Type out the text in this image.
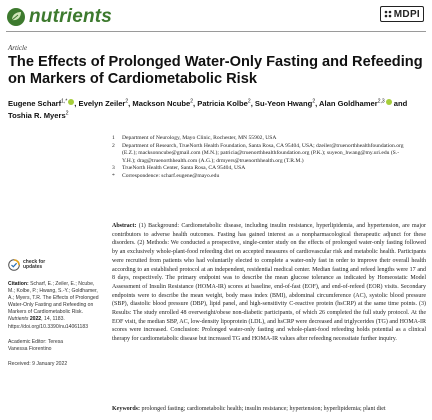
nutrients	MDPI
Article
The Effects of Prolonged Water-Only Fasting and Refeeding on Markers of Cardiometabolic Risk
Eugene Scharf$^{1,*}$ , Evelyn Zeiler$^2$, Mackson Ncube$^2$, Patricia Kolbe$^2$, Su-Yeon Hwang$^2$, Alan Goldhamer$^{2,3}$ and Toshia R. Myers$^2$
1	Department of Neurology, Mayo Clinic, Rochester, MN 55902, USA
2	Department of Research, TrueNorth Health Foundation, Santa Rosa, CA 95404, USA; dzeiler@truenorthhealthfoundation.org (E.Z.); macksonncube@gmail.com (M.N.); patricia@truenorthhealthfoundation.org (P.K.); suyeon_hwang@my.uri.edu (S.-Y.H.); drag@truenorthhealth.com (A.G.); drmyers@truenorthhealth.org (T.R.M.)
3	TrueNorth Health Center, Santa Rosa, CA 95404, USA
*	Correspondence: scharf.eugene@mayo.edu
Abstract: (1) Background: Cardiometabolic disease, including insulin resistance, hyperlipidemia, and hypertension, are major contributors to adverse health outcomes. Fasting has gained interest as a nonpharmacological therapeutic adjunct for these disorders. (2) Methods: We conducted a prospective, single-center study on the effects of prolonged water-only fasting followed by an exclusively whole-plant-food refeeding diet on accepted measures of cardiovascular risk and metabolic health. Participants were recruited from patients who had voluntarily elected to complete a water-only fast in order to improve their overall health according to an established protocol at an independent, residential medical center. Median fasting and refeed lengths were 17 and 8 days, respectively. The primary endpoint was to describe the mean glucose tolerance as indicated by Homeostatic Model Assessment of Insulin Resistance (HOMA-IR) scores at baseline, end-of-fast (EOF), and end-of-refeed (EOR) visits. Secondary endpoints were to describe the mean weight, body mass index (BMI), abdominal circumference (AC), systolic blood pressure (SBP), diastolic blood pressure (DBP), lipid panel, and high-sensitivity C-reactive protein (hsCRP) at the same time points. (3) Results: The study enrolled 48 overweight/obese non-diabetic participants, of which 26 completed the full study protocol. At the EOF visit, the median SBP, AC, low-density lipoprotein (LDL), and hsCRP were decreased and triglycerides (TG) and HOMA-IR scores were increased. Conclusion: Prolonged water-only fasting and whole-plant-food refeeding holds potential as a clinical therapy for cardiometabolic disease but increased TG and HOMA-IR values after refeeding necessitate further inquiry.
Keywords: prolonged fasting; cardiometabolic health; insulin resistance; hypertension; hyperlipidemia; plant diet
check for
updates
Citation: Scharf, E.; Zeiler, E.; Ncube, M.; Kolbe, P.; Hwang, S.-Y.; Goldhamer, A.; Myers, T.R. The Effects of Prolonged Water-Only Fasting and Refeeding on Markers of Cardiometabolic Risk. Nutrients 2022, 14, 1183. https://doi.org/10.3390/nu14061183
Academic Editor: Teresa
Vanessa Fiorentino
Received: 9 January 2022
